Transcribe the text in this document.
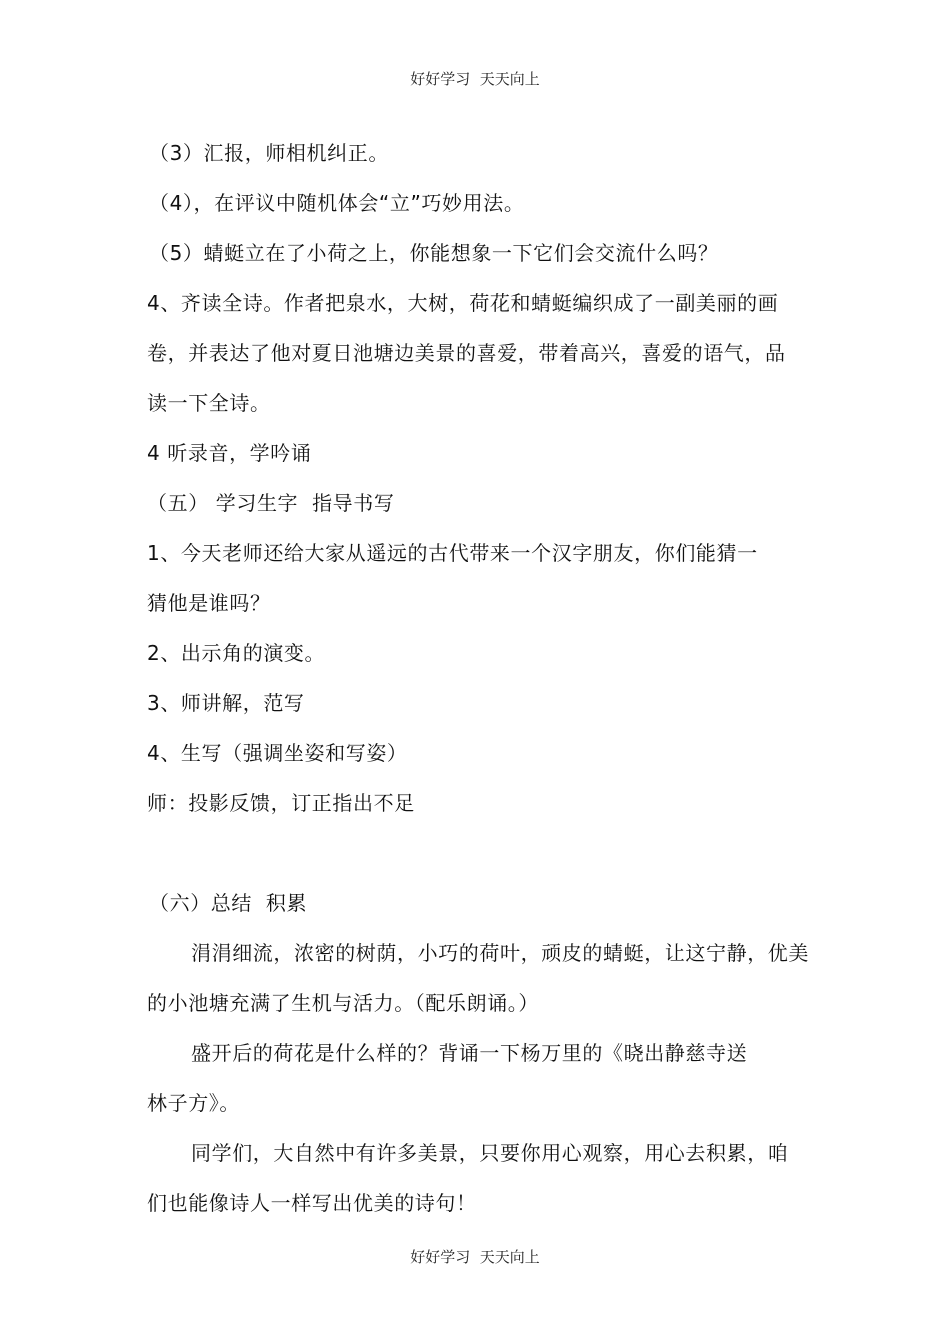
好好学习  天天向上
（3）汇报，师相机纠正。
（4），在评议中随机体会“立”巧妙用法。
（5）蜻蜓立在了小荷之上，你能想象一下它们会交流什么吗？
4、齐读全诗。作者把泉水，大树，荷花和蜻蜓编织成了一副美丽的画
卷，并表达了他对夏日池塘边美景的喜爱，带着高兴，喜爱的语气，品
读一下全诗。
4 听录音，学吟诵
（五） 学习生字  指导书写
1、今天老师还给大家从遥远的古代带来一个汉字朋友，你们能猜一
猜他是谁吗？
2、出示角的演变。
3、师讲解，范写
4、生写（强调坐姿和写姿）
师：投影反馈，订正指出不足
（六）总结  积累
涓涓细流，浓密的树荫，小巧的荷叶，顽皮的蜻蜓，让这宁静，优美
的小池塘充满了生机与活力。（配乐朗诵。）
盛开后的荷花是什么样的？背诵一下杨万里的《晓出静慈寺送
林子方》。
同学们，大自然中有许多美景，只要你用心观察，用心去积累，咱
们也能像诗人一样写出优美的诗句！
好好学习  天天向上
